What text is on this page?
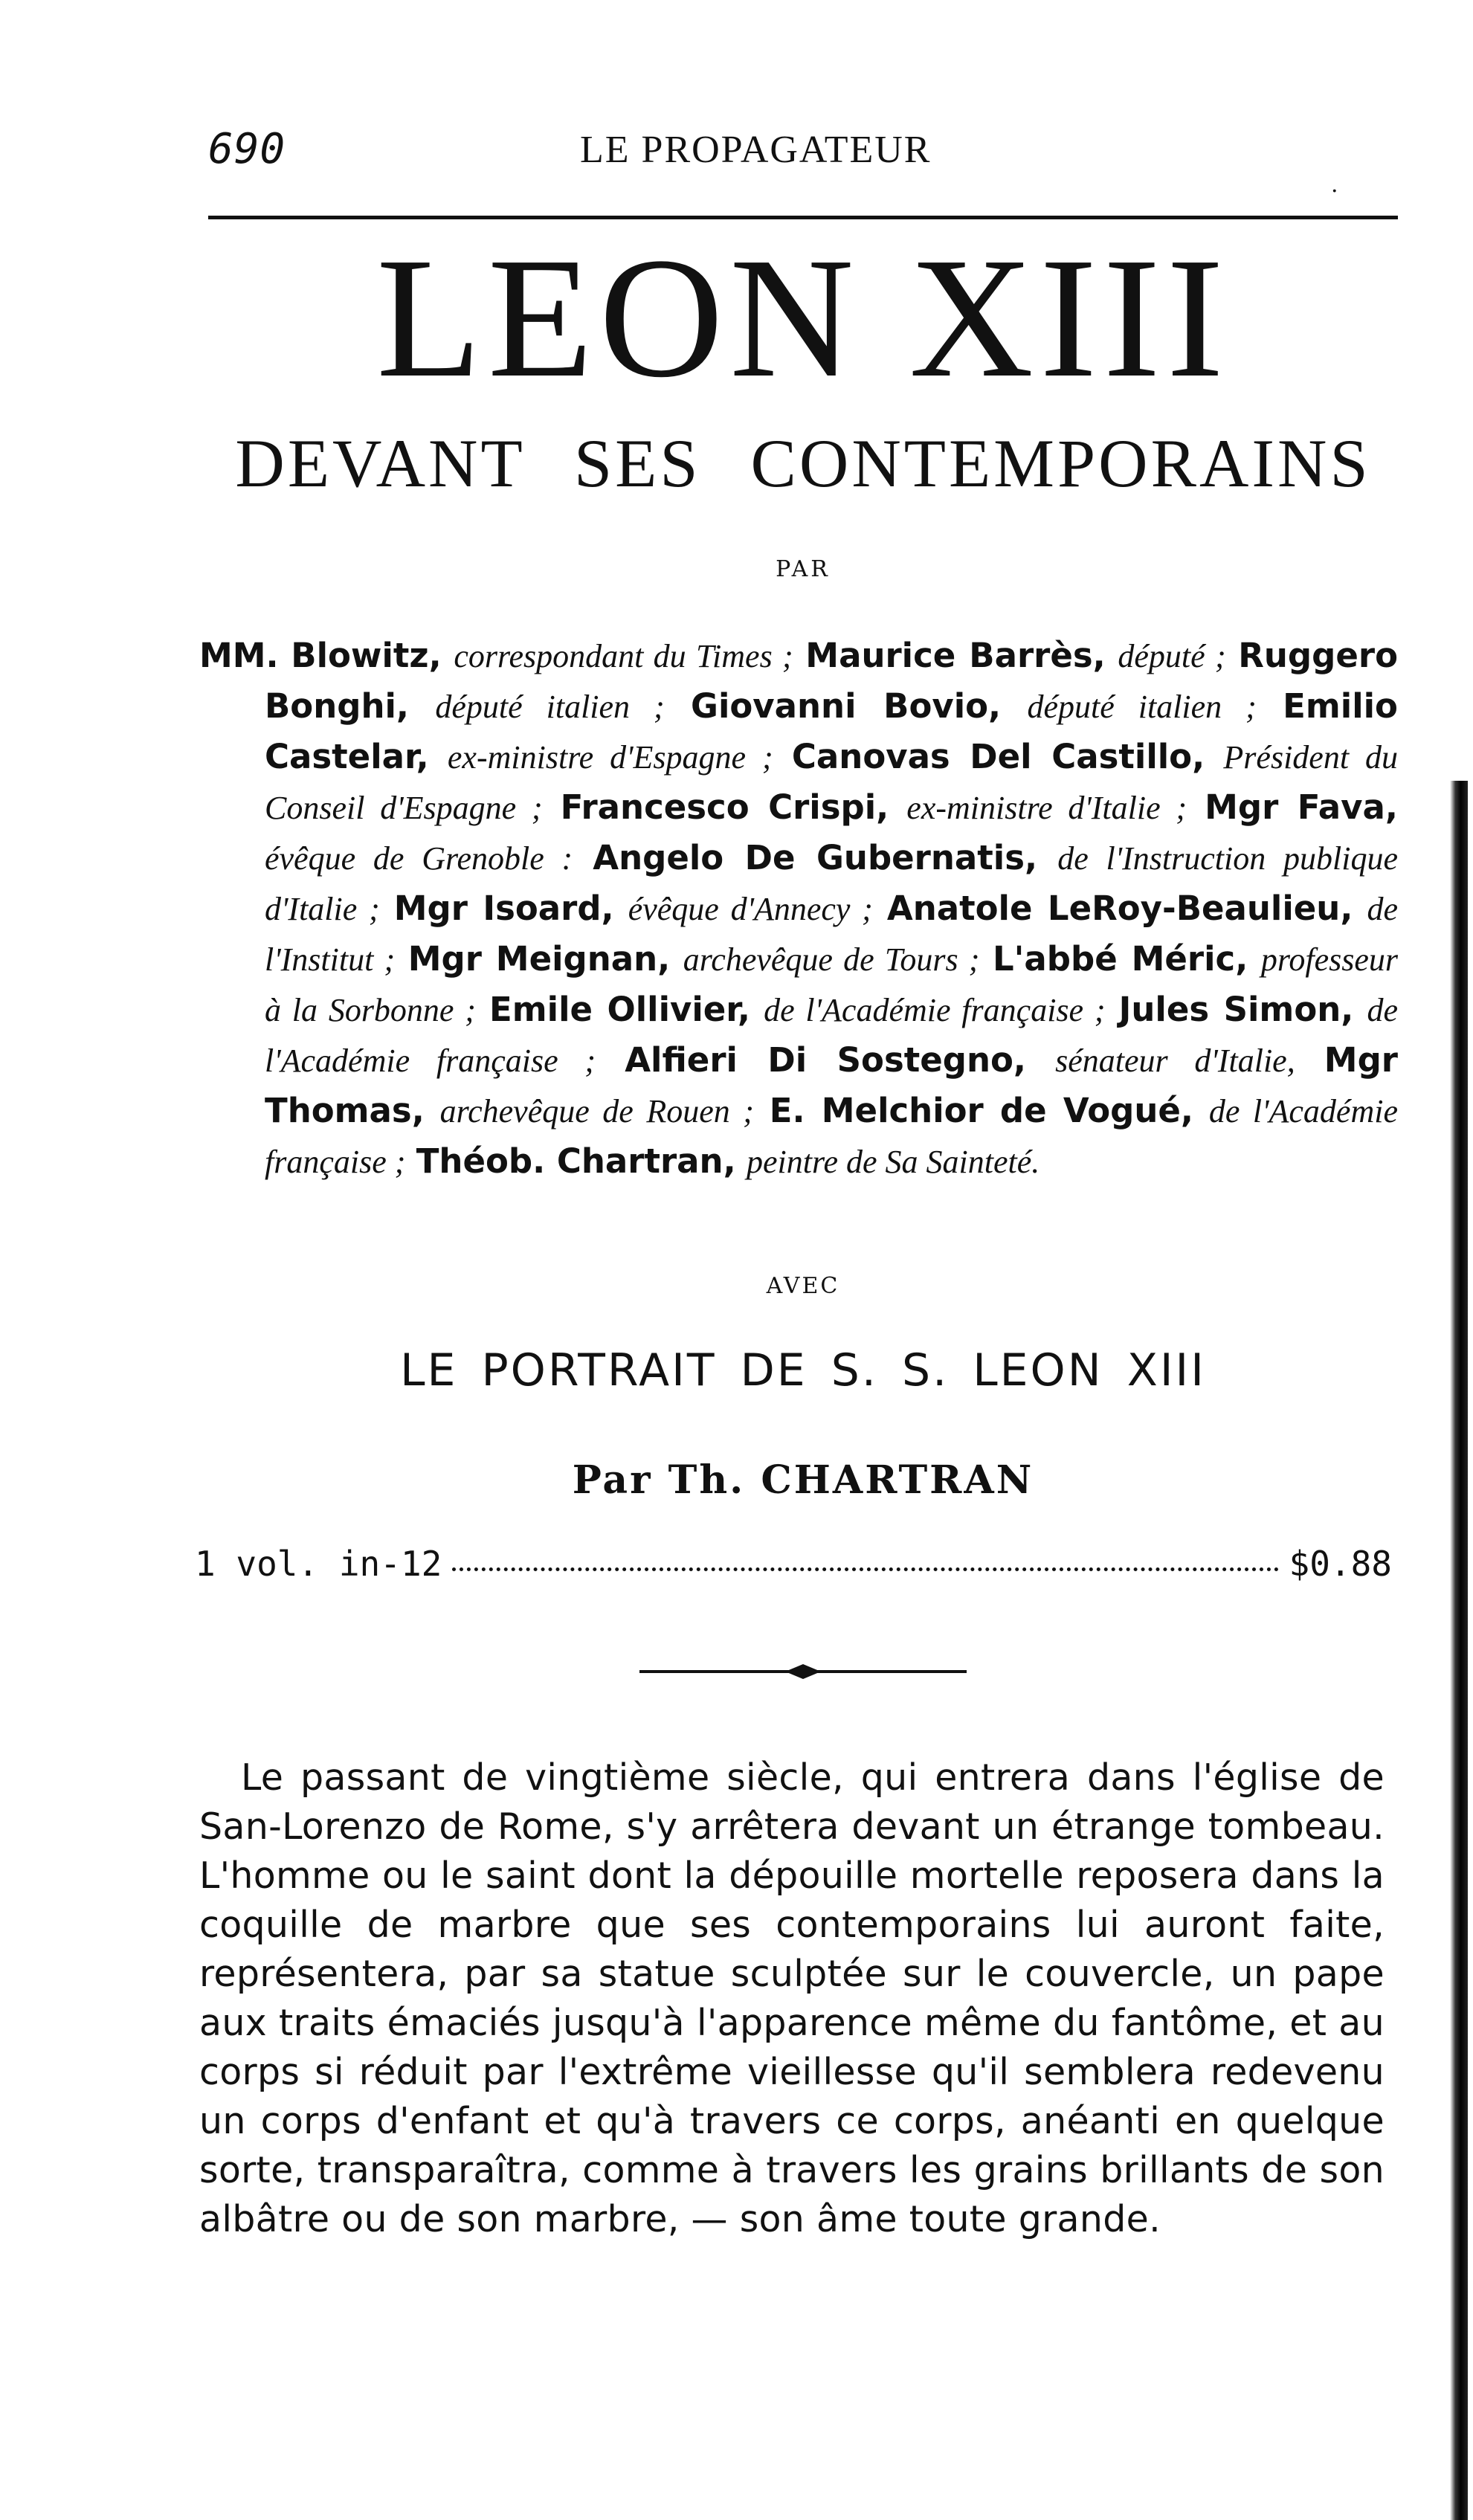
690	LE PROPAGATEUR
·
LEON XIII
DEVANT SES CONTEMPORAINS
PAR

MM. Blowitz, correspondant du Times ; Maurice Barrès, député ; Ruggero Bonghi, député italien ; Giovanni Bovio, député italien ; Emilio Castelar, ex-ministre d'Espagne ; Canovas Del Castillo, Président du Conseil d'Espagne ; Francesco Crispi, ex-ministre d'Italie ; Mgr Fava, évêque de Grenoble : Angelo De Gubernatis, de l'Instruction publique d'Italie ; Mgr Isoard, évêque d'Annecy ; Anatole LeRoy-Beaulieu, de l'Institut ; Mgr Meignan, archevêque de Tours ; L'abbé Méric, professeur à la Sorbonne ; Emile Ollivier, de l'Académie française ; Jules Simon, de l'Académie française ; Alfieri Di Sostegno, sénateur d'Italie, Mgr Thomas, archevêque de Rouen ; E. Melchior de Vogué, de l'Académie française ; Théob. Chartran, peintre de Sa Sainteté.

AVEC
LE PORTRAIT DE S. S. LEON XIII
Par Th. CHARTRAN
1 vol. in-12	$0.88

Le passant de vingtième siècle, qui entrera dans l'église de San-Lorenzo de Rome, s'y arrêtera devant un étrange tombeau. L'homme ou le saint dont la dépouille mortelle reposera dans la coquille de marbre que ses contemporains lui auront faite, représentera, par sa statue sculptée sur le couvercle, un pape aux traits émaciés jusqu'à l'apparence même du fantôme, et au corps si réduit par l'extrême vieillesse qu'il semblera redevenu un corps d'enfant et qu'à travers ce corps, anéanti en quelque sorte, transparaîtra, comme à travers les grains brillants de son albâtre ou de son marbre, — son âme toute grande.
